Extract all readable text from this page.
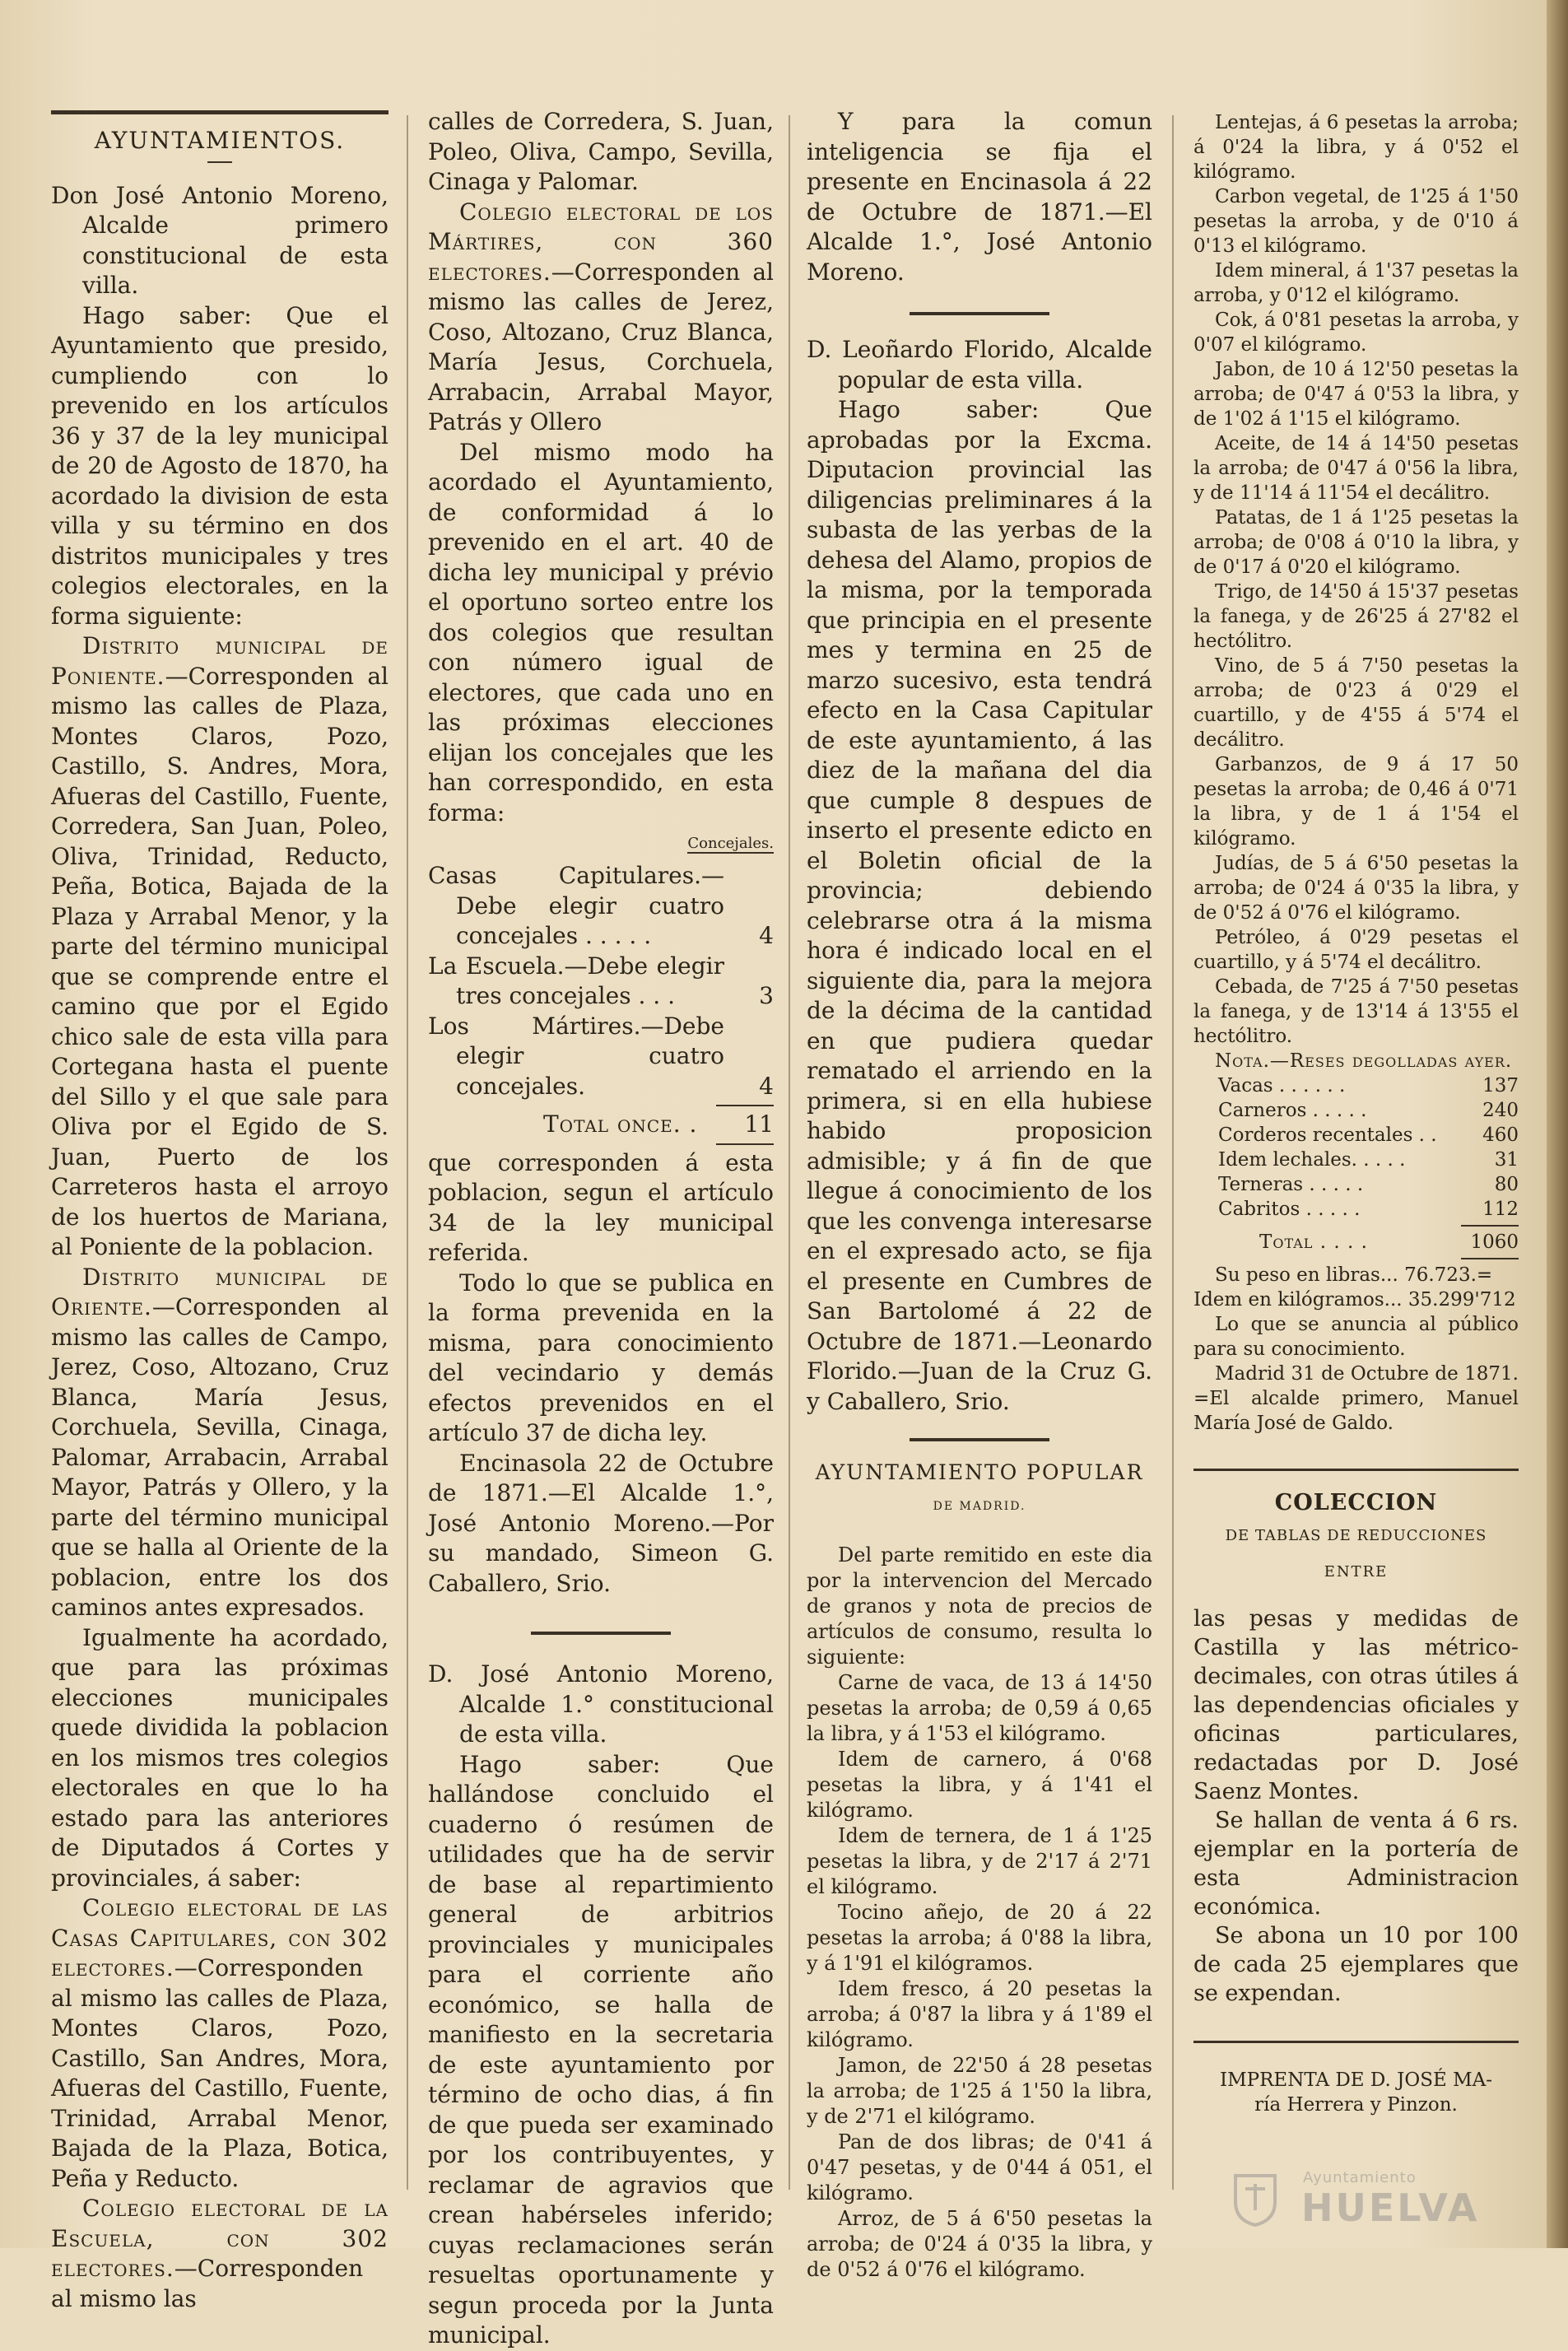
AYUNTAMIENTOS.

Don José Antonio Moreno, Alcalde primero constitucional de esta villa.

Hago saber: Que el Ayuntamiento que presido, cumpliendo con lo prevenido en los artículos 36 y 37 de la ley municipal de 20 de Agosto de 1870, ha acordado la division de esta villa y su término en dos distritos municipales y tres colegios electorales, en la forma siguiente:

Distrito municipal de Poniente.—Corresponden al mismo las calles de Plaza, Montes Claros, Pozo, Castillo, S. Andres, Mora, Afueras del Castillo, Fuente, Corredera, San Juan, Poleo, Oliva, Trinidad, Reducto, Peña, Botica, Bajada de la Plaza y Arrabal Menor, y la parte del término municipal que se comprende entre el camino que por el Egido chico sale de esta villa para Cortegana hasta el puente del Sillo y el que sale para Oliva por el Egido de S. Juan, Puerto de los Carreteros hasta el arroyo de los huertos de Mariana, al Poniente de la poblacion.

Distrito municipal de Oriente.—Corresponden al mismo las calles de Campo, Jerez, Coso, Altozano, Cruz Blanca, María Jesus, Corchuela, Sevilla, Cinaga, Palomar, Arrabacin, Arrabal Mayor, Patrás y Ollero, y la parte del término municipal que se halla al Oriente de la poblacion, entre los dos caminos antes expresados.

Igualmente ha acordado, que para las próximas elecciones municipales quede dividida la poblacion en los mismos tres colegios electorales en que lo ha estado para las anteriores de Diputados á Cortes y provinciales, á saber:

Colegio electoral de las Casas Capitulares, con 302 electores.—Corresponden al mismo las calles de Plaza, Montes Claros, Pozo, Castillo, San Andres, Mora, Afueras del Castillo, Fuente, Trinidad, Arrabal Menor, Bajada de la Plaza, Botica, Peña y Reducto.

Colegio electoral de la Escuela, con 302 electores.—Corresponden al mismo las

calles de Corredera, S. Juan, Poleo, Oliva, Campo, Sevilla, Cinaga y Palomar.

Colegio electoral de los Mártires, con 360 electores.—Corresponden al mismo las calles de Jerez, Coso, Altozano, Cruz Blanca, María Jesus, Corchuela, Arrabacin, Arrabal Mayor, Patrás y Ollero

Del mismo modo ha acordado el Ayuntamiento, de conformidad á lo prevenido en el art. 40 de dicha ley municipal y prévio el oportuno sorteo entre los dos colegios que resultan con número igual de electores, que cada uno en las próximas elecciones elijan los concejales que les han correspondido, en esta forma:

Concejales.
Casas Capitulares.—Debe elegir cuatro concejales . . . . .	4
La Escuela.—Debe elegir tres concejales . . .	3
Los Mártires.—Debe elegir cuatro concejales.	4
Total once. .	11

que corresponden á esta poblacion, segun el artículo 34 de la ley municipal referida.

Todo lo que se publica en la forma prevenida en la misma, para conocimiento del vecindario y demás efectos prevenidos en el artículo 37 de dicha ley.

Encinasola 22 de Octubre de 1871.—El Alcalde 1.°, José Antonio Moreno.—Por su mandado, Simeon G. Caballero, Srio.

D. José Antonio Moreno, Alcalde 1.° constitucional de esta villa.

Hago saber: Que hallándose concluido el cuaderno ó resúmen de utilidades que ha de servir de base al repartimiento general de arbitrios provinciales y municipales para el corriente año económico, se halla de manifiesto en la secretaria de este ayuntamiento por término de ocho dias, á fin de que pueda ser examinado por los contribuyentes, y reclamar de agravios que crean habérseles inferido; cuyas reclamaciones serán resueltas oportunamente y segun proceda por la Junta municipal.

Y para la comun inteligencia se fija el presente en Encinasola á 22 de Octubre de 1871.—El Alcalde 1.°, José Antonio Moreno.

D. Leoñardo Florido, Alcalde popular de esta villa.

Hago saber: Que aprobadas por la Excma. Diputacion provincial las diligencias preliminares á la subasta de las yerbas de la dehesa del Alamo, propios de la misma, por la temporada que principia en el presente mes y termina en 25 de marzo sucesivo, esta tendrá efecto en la Casa Capitular de este ayuntamiento, á las diez de la mañana del dia que cumple 8 despues de inserto el presente edicto en el Boletin oficial de la provincia; debiendo celebrarse otra á la misma hora é indicado local en el siguiente dia, para la mejora de la décima de la cantidad en que pudiera quedar rematado el arriendo en la primera, si en ella hubiese habido proposicion admisible; y á fin de que llegue á conocimiento de los que les convenga interesarse en el expresado acto, se fija el presente en Cumbres de San Bartolomé á 22 de Octubre de 1871.—Leonardo Florido.—Juan de la Cruz G. y Caballero, Srio.

AYUNTAMIENTO POPULAR
DE MADRID.

Del parte remitido en este dia por la intervencion del Mercado de granos y nota de precios de artículos de consumo, resulta lo siguiente:

Carne de vaca, de 13 á 14'50 pesetas la arroba; de 0,59 á 0,65 la libra, y á 1'53 el kilógramo.

Idem de carnero, á 0'68 pesetas la libra, y á 1'41 el kilógramo.

Idem de ternera, de 1 á 1'25 pesetas la libra, y de 2'17 á 2'71 el kilógramo.

Tocino añejo, de 20 á 22 pesetas la arroba; á 0'88 la libra, y á 1'91 el kilógramos.

Idem fresco, á 20 pesetas la arroba; á 0'87 la libra y á 1'89 el kilógramo.

Jamon, de 22'50 á 28 pesetas la arroba; de 1'25 á 1'50 la libra, y de 2'71 el kilógramo.

Pan de dos libras; de 0'41 á 0'47 pesetas, y de 0'44 á 051, el kilógramo.

Arroz, de 5 á 6'50 pesetas la arroba; de 0'24 á 0'35 la libra, y de 0'52 á 0'76 el kilógramo.

Lentejas, á 6 pesetas la arroba; á 0'24 la libra, y á 0'52 el kilógramo.

Carbon vegetal, de 1'25 á 1'50 pesetas la arroba, y de 0'10 á 0'13 el kilógramo.

Idem mineral, á 1'37 pesetas la arroba, y 0'12 el kilógramo.

Cok, á 0'81 pesetas la arroba, y 0'07 el kilógramo.

Jabon, de 10 á 12'50 pesetas la arroba; de 0'47 á 0'53 la libra, y de 1'02 á 1'15 el kilógramo.

Aceite, de 14 á 14'50 pesetas la arroba; de 0'47 á 0'56 la libra, y de 11'14 á 11'54 el decálitro.

Patatas, de 1 á 1'25 pesetas la arroba; de 0'08 á 0'10 la libra, y de 0'17 á 0'20 el kilógramo.

Trigo, de 14'50 á 15'37 pesetas la fanega, y de 26'25 á 27'82 el hectólitro.

Vino, de 5 á 7'50 pesetas la arroba; de 0'23 á 0'29 el cuartillo, y de 4'55 á 5'74 el decálitro.

Garbanzos, de 9 á 17 50 pesetas la arroba; de 0,46 á 0'71 la libra, y de 1 á 1'54 el kilógramo.

Judías, de 5 á 6'50 pesetas la arroba; de 0'24 á 0'35 la libra, y de 0'52 á 0'76 el kilógramo.

Petróleo, á 0'29 pesetas el cuartillo, y á 5'74 el decálitro.

Cebada, de 7'25 á 7'50 pesetas la fanega, y de 13'14 á 13'55 el hectólitro.

Nota.—Reses degolladas ayer.

Vacas . . . . . .	137
Carneros . . . . .	240
Corderos recentales . .	460
Idem lechales. . . . .	31
Terneras . . . . .	80
Cabritos . . . . .	112
Total . . . .	1060

Su peso en libras... 76.723.=

Idem en kilógramos... 35.299'712

Lo que se anuncia al público para su conocimiento.

Madrid 31 de Octubre de 1871. =El alcalde primero, Manuel María José de Galdo.

COLECCION
DE TABLAS DE REDUCCIONES
ENTRE

las pesas y medidas de Castilla y las métrico-decimales, con otras útiles á las dependencias oficiales y oficinas particulares, redactadas por D. José Saenz Montes.

Se hallan de venta á 6 rs. ejemplar en la portería de esta Administracion económica.

Se abona un 10 por 100 de cada 25 ejemplares que se expendan.

IMPRENTA DE D. JOSÉ MA-
ría Herrera y Pinzon.
Ayuntamiento
HUELVA
